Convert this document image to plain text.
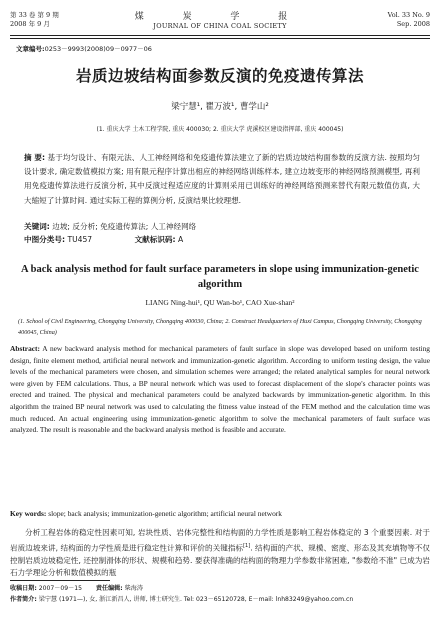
第 33 卷 第 9 期
2008 年 9 月
煤 炭 学 报
JOURNAL OF CHINA COAL SOCIETY
Vol. 33 No. 9
Sep. 2008
文章编号:0253－9993(2008)09－0977－06
岩质边坡结构面参数反演的免疫遗传算法
梁宁慧¹, 瞿万波¹, 曹学山²
(1. 重庆大学 土木工程学院, 重庆 400030; 2. 重庆大学 虎溪校区建设指挥部, 重庆 400045)
摘 要: 基于均匀设计、有限元法、人工神经网络和免疫遗传算法建立了新的岩质边坡结构面参数的反演方法. 按照均匀设计要求, 确定数值模拟方案; 用有限元程序计算出相应的神经网络训练样本, 建立边坡变形的神经网络预测模型, 再利用免疫遗传算法进行反演分析, 其中反演过程适应度的计算则采用已训练好的神经网络预测来替代有限元数值仿真, 大大缩短了计算时间. 通过实际工程的算例分析, 反演结果比较理想.
关键词: 边坡; 反分析; 免疫遗传算法; 人工神经网络
中图分类号: TU457	文献标识码: A
A back analysis method for fault surface parameters in slope using immunization-genetic algorithm
LIANG Ning-hui¹, QU Wan-bo¹, CAO Xue-shan²
(1. School of Civil Engineering, Chongqing University, Chongqing 400030, China; 2. Construct Headquarters of Huxi Campus, Chongqing University, Chongqing 400045, China)
Abstract: A new backward analysis method for mechanical parameters of fault surface in slope was developed based on uniform testing design, finite element method, artificial neural network and immunization-genetic algorithm. According to uniform testing design, the value levels of the mechanical parameters were chosen, and simulation schemes were arranged; the related analytical samples for neural network were given by FEM calculations. Thus, a BP neural network which was used to forecast displacement of the slope's character points was erected and trained. The physical and mechanical parameters could be analyzed backwards by immunization-genetic algorithm. In this algorithm the trained BP neural network was used to calculating the fitness value instead of the FEM method and the calculation time was much reduced. An actual engineering using immunization-genetic algorithm to solve the mechanical parameters of fault surface was analyzed. The result is reasonable and the backward analysis method is feasible and accurate.
Key words: slope; back analysis; immunization-genetic algorithm; artificial neural network
分析工程岩体的稳定性因素可知, 岩块性质、岩体完整性和结构面的力学性质是影响工程岩体稳定的 3 个重要因素. 对于岩质边坡来讲, 结构面的力学性质是进行稳定性计算和评价的关键指标[1]. 结构面的产状、规模、密度、形态及其充填物等不仅控制岩质边坡稳定性, 还控制滑体的形状、规模和趋势. 要获得准确的结构面的物理力学参数非常困难, "参数给不准" 已成为岩石力学理论分析和数值模拟的瓶
收稿日期: 2007－09－15 责任编辑: 柴海涛
作者简介: 梁宁慧 (1971—), 女, 浙江新昌人, 讲师, 博士研究生. Tel: 023－65120728, E－mail: lnh83249@yahoo.com.cn
